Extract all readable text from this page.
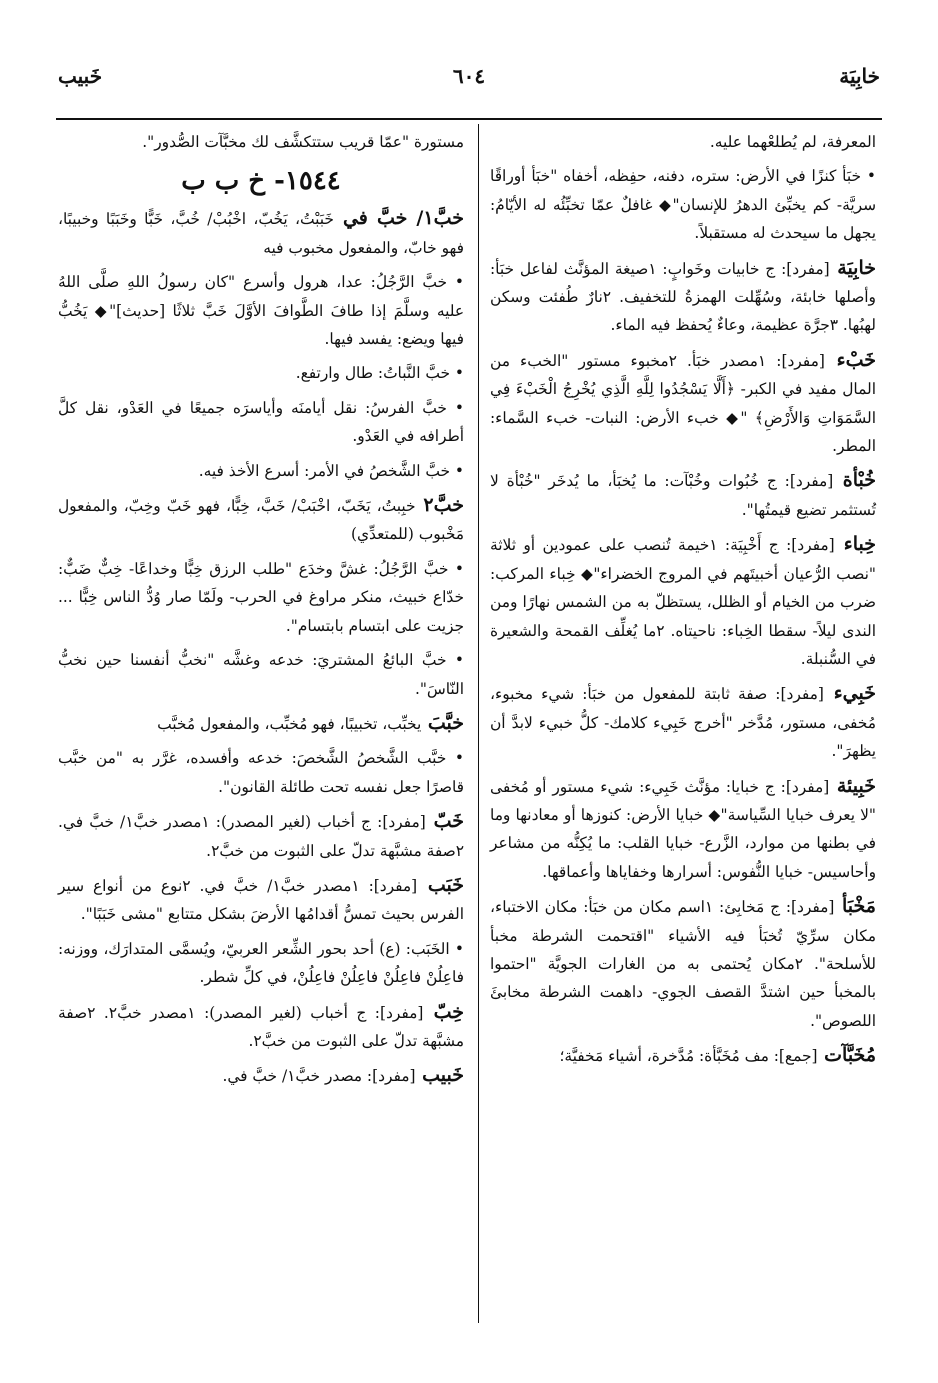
خابِيَة
٦٠٤
خَبيب

المعرفة، لم يُطلعْهما عليه.

• خبَأ كنزًا في الأرض: ستره، دفنه، حفِظه، أخفاه "خبَأ أوراقًا سريَّة- كم يخبِّئ الدهرُ للإنسان"◆ غافلٌ عمّا تخبِّئُه له الأيّامُ: يجهل ما سيحدث له مستقبلاً.

خابِيَة [مفرد]: ج خابيات وخَوابٍ: ١صيغة المؤنَّث لفاعل خبَأ: وأصلها خابئة، وسُهِّلت الهمزةُ للتخفيف. ٢نارٌ طُفئت وسكن لهبُها. ٣جرَّة عظيمة، وعاءٌ يُحفظ فيه الماء.

خَبْء [مفرد]: ١مصدر خبَأ. ٢مخبوء مستور "الخبء من المال مفيد في الكبر- ﴿أَلَّا يَسْجُدُوا لِلَّهِ الَّذِي يُخْرِجُ الْخَبْءَ فِي السَّمَوَاتِ وَالأَرْضِ﴾ "◆ خبء الأرض: النبات- خبء السَّماء: المطر.

خُبْأة [مفرد]: ج خُبُوات وخُبْآت: ما يُخبَأ، ما يُدخَر "خُبْأة لا تُستثمر تضيع قيمتُها".

خِباء [مفرد]: ج أَخْبِيَة: ١خيمة تُنصب على عمودين أو ثلاثة "نصب الرُّعيان أخبيتَهم في المروج الخضراء"◆ خِباء المركب: ضرب من الخيام أو الظلل، يستظلّ به من الشمس نهارًا ومن الندى ليلاً- سقطا الخِباء: ناحيتاه. ٢ما يُغلِّف القمحة والشعيرة في السُّنبلة.

خَبِيء [مفرد]: صفة ثابتة للمفعول من خبَأ: شيء مخبوء، مُخفى، مستور، مُدَّخر "أخرج خَبِيء كلامك- كلُّ خبيء لابدَّ أن يظهرَ".

خَبِيئة [مفرد]: ج خبايا: مؤنَّث خَبِيء: شيء مستور أو مُخفى "لا يعرف خبايا السِّياسة"◆ خبايا الأرض: كنوزها أو معادنها وما في بطنها من موارد، الزَّرع- خبايا القلب: ما يُكِنُّه من مشاعر وأحاسيس- خبايا النُّفوس: أسرارها وخفاياها وأعماقها.

مَخْبَأ [مفرد]: ج مَخابِئ: ١اسم مكان من خبَأ: مكان الاختباء، مكان سرِّيّ تُخبَأ فيه الأشياء "اقتحمت الشرطة مخبأ للأسلحة". ٢مكان يُحتمى به من الغارات الجويَّة "احتموا بالمخبأ حين اشتدَّ القصف الجوي- داهمت الشرطة مخابئَ اللصوص".

مُخَبَّآت [جمع]: مف مُخَبَّأة: مُدَّخرة، أشياء مَخفيَّة؛

مستورة "عمّا قريب ستتكشَّف لك مخبَّآت الصُّدور".

١٥٤٤- خ ب ب

خبَّ١/ خبَّ في خَبَبْتُ، يَخُبّ، اخْبُبْ/ خُبَّ، خَبًّا وخَبَبًا وخبيبًا، فهو خابّ، والمفعول مخبوب فيه

• خبَّ الرَّجُلُ: عدا، هرول وأسرع "كان رسولُ اللهِ صلَّى اللهُ عليه وسلَّمَ إذا طافَ الطَّوافَ الأوَّلَ خَبَّ ثلاثًا [حديث]"◆ يَخُبُّ فيها ويضع: يفسد فيها.

• خبَّ النَّباتُ: طال وارتفع.

• خبَّ الفرسُ: نقل أيامنَه وأياسرَه جميعًا في العَدْو، نقل كلَّ أطرافه في العَدْو.

• خبَّ الشَّخصُ في الأمر: أسرع الأخذ فيه.

خبَّ٢ خبِبتُ، يَخَبّ، اخْبَبْ/ خَبَّ، خِبًّا، فهو خَبّ وخِبّ، والمفعول مَخْبوب (للمتعدِّي)

• خبَّ الرَّجُلُ: غشَّ وخدَع "طلب الرزق خِبًّا وخداعًا- خِبٌّ ضَبٌّ: خدّاع خبيث، منكر مراوغ في الحرب- ولَمّا صار وُدُّ الناس خِبًّا ... جزيت على ابتسام بابتسام".

• خبَّ البائعُ المشتريَ: خدعه وغشَّه "نخبُّ أنفسنا حين نخبُّ النّاسَ".

خبَّبَ يخبِّب، تخبيبًا، فهو مُخبِّب، والمفعول مُخبَّب

• خبَّب الشَّخصُ الشَّخصَ: خدعه وأفسده، غرَّر به "من خبَّب قاصرًا جعل نفسه تحت طائلة القانون".

خَبّ [مفرد]: ج أخباب (لغير المصدر): ١مصدر خبَّ١/ خبَّ في. ٢صفة مشبَّهة تدلّ على الثبوت من خبَّ٢.

خَبَب [مفرد]: ١مصدر خبَّ١/ خبَّ في. ٢نوع من أنواع سير الفرس بحيث تمسُّ أقدامُها الأرضَ بشكل متتابع "مشى خَبَبًا".

• الخَبَب: (ع) أحد بحور الشِّعر العربيّ، ويُسمَّى المتدارَك، ووزنه: فاعِلُنْ فاعِلُنْ فاعِلُنْ فاعِلُنْ، في كلِّ شطر.

خِبّ [مفرد]: ج أخباب (لغير المصدر): ١مصدر خبَّ٢. ٢صفة مشبَّهة تدلّ على الثبوت من خبَّ٢.

خَبيب [مفرد]: مصدر خبَّ١/ خبَّ في.
